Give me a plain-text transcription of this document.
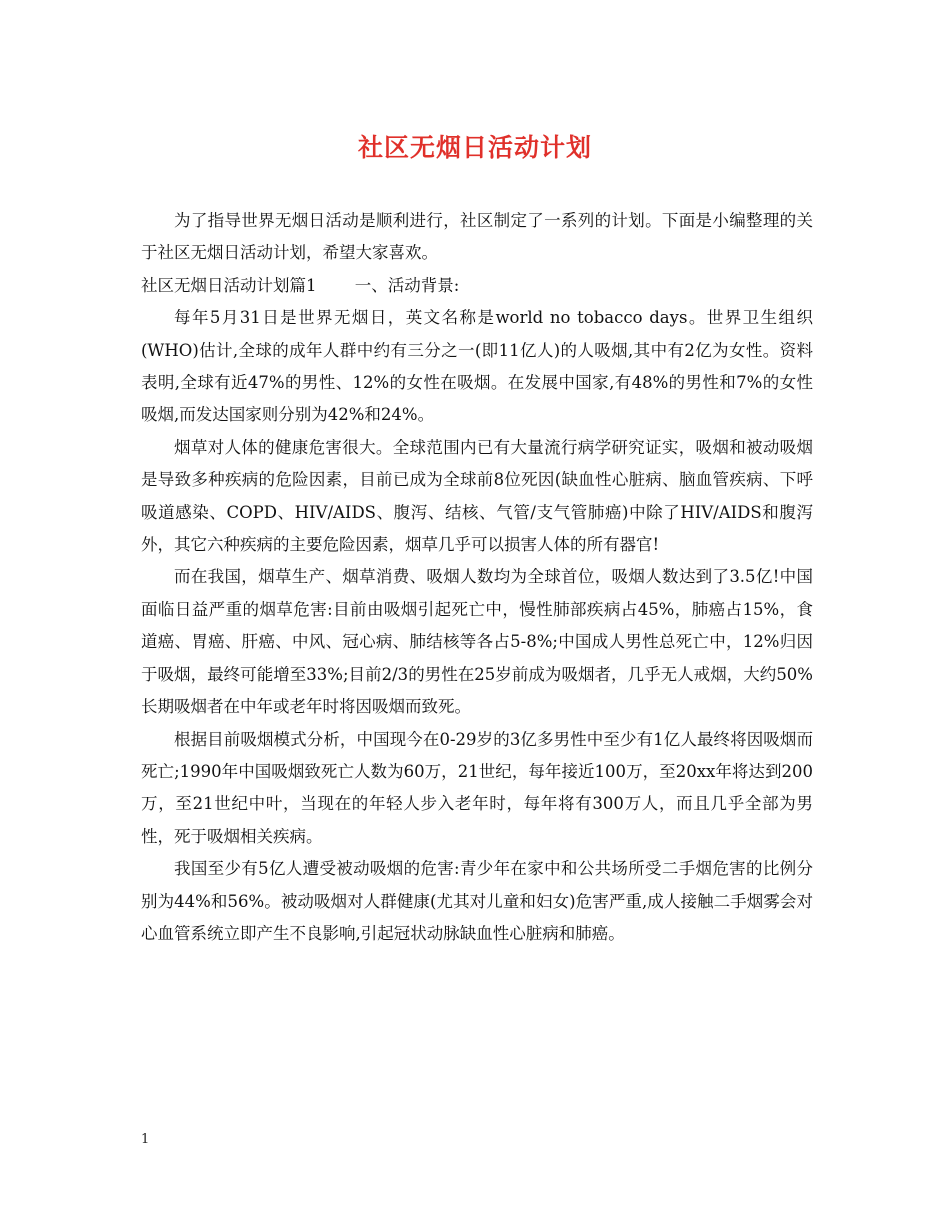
社区无烟日活动计划

为了指导世界无烟日活动是顺利进行，社区制定了一系列的计划。下面是小编整理的关于社区无烟日活动计划，希望大家喜欢。

社区无烟日活动计划篇1　　 一、活动背景:

每年5月31日是世界无烟日，英文名称是world no tobacco days。世界卫生组织(WHO)估计,全球的成年人群中约有三分之一(即11亿人)的人吸烟,其中有2亿为女性。资料表明,全球有近47%的男性、12%的女性在吸烟。在发展中国家,有48%的男性和7%的女性吸烟,而发达国家则分别为42%和24%。

烟草对人体的健康危害很大。全球范围内已有大量流行病学研究证实，吸烟和被动吸烟是导致多种疾病的危险因素，目前已成为全球前8位死因(缺血性心脏病、脑血管疾病、下呼吸道感染、COPD、HIV/AIDS、腹泻、结核、气管/支气管肺癌)中除了HIV/AIDS和腹泻外，其它六种疾病的主要危险因素，烟草几乎可以损害人体的所有器官!

而在我国，烟草生产、烟草消费、吸烟人数均为全球首位，吸烟人数达到了3.5亿!中国面临日益严重的烟草危害:目前由吸烟引起死亡中，慢性肺部疾病占45%，肺癌占15%，食道癌、胃癌、肝癌、中风、冠心病、肺结核等各占5-8%;中国成人男性总死亡中，12%归因于吸烟，最终可能增至33%;目前2/3的男性在25岁前成为吸烟者，几乎无人戒烟，大约50%长期吸烟者在中年或老年时将因吸烟而致死。

根据目前吸烟模式分析，中国现今在0-29岁的3亿多男性中至少有1亿人最终将因吸烟而死亡;1990年中国吸烟致死亡人数为60万，21世纪，每年接近100万，至20xx年将达到200万，至21世纪中叶，当现在的年轻人步入老年时，每年将有300万人，而且几乎全部为男性，死于吸烟相关疾病。

我国至少有5亿人遭受被动吸烟的危害:青少年在家中和公共场所受二手烟危害的比例分别为44%和56%。被动吸烟对人群健康(尤其对儿童和妇女)危害严重,成人接触二手烟雾会对心血管系统立即产生不良影响,引起冠状动脉缺血性心脏病和肺癌。

1
